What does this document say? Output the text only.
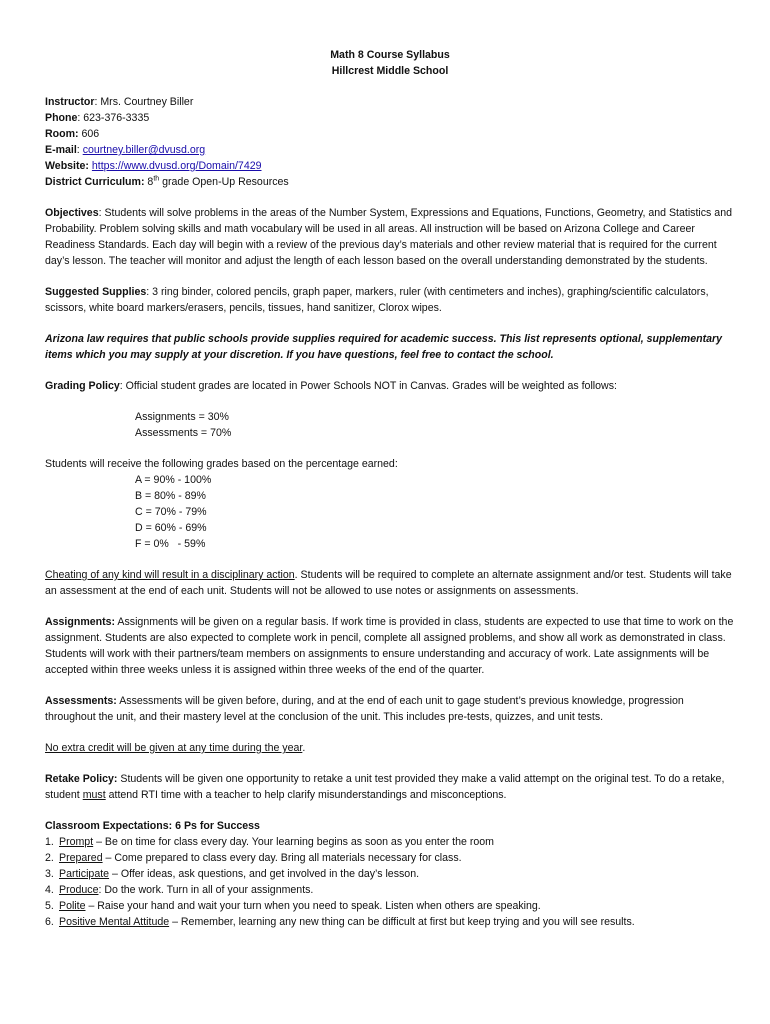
Math 8 Course Syllabus

Hillcrest Middle School

Instructor: Mrs. Courtney Biller

Phone: 623-376-3335

Room: 606

E-mail: courtney.biller@dvusd.org

Website: https://www.dvusd.org/Domain/7429

District Curriculum: 8th grade Open-Up Resources

Objectives: Students will solve problems in the areas of the Number System, Expressions and Equations, Functions, Geometry, and Statistics and Probability. Problem solving skills and math vocabulary will be used in all areas. All instruction will be based on Arizona College and Career Readiness Standards. Each day will begin with a review of the previous day’s materials and other review material that is required for the current day’s lesson. The teacher will monitor and adjust the length of each lesson based on the overall understanding demonstrated by the students.

Suggested Supplies: 3 ring binder, colored pencils, graph paper, markers, ruler (with centimeters and inches), graphing/scientific calculators, scissors, white board markers/erasers, pencils, tissues, hand sanitizer, Clorox wipes.

Arizona law requires that public schools provide supplies required for academic success. This list represents optional, supplementary items which you may supply at your discretion. If you have questions, feel free to contact the school.

Grading Policy: Official student grades are located in Power Schools NOT in Canvas. Grades will be weighted as follows:

Assignments = 30%

Assessments = 70%

Students will receive the following grades based on the percentage earned:

A = 90% - 100%

B = 80% - 89%

C = 70% - 79%

D = 60% - 69%

F = 0%   - 59%

Cheating of any kind will result in a disciplinary action. Students will be required to complete an alternate assignment and/or test. Students will take an assessment at the end of each unit. Students will not be allowed to use notes or assignments on assessments.

Assignments: Assignments will be given on a regular basis. If work time is provided in class, students are expected to use that time to work on the assignment. Students are also expected to complete work in pencil, complete all assigned problems, and show all work as demonstrated in class. Students will work with their partners/team members on assignments to ensure understanding and accuracy of work. Late assignments will be accepted within three weeks unless it is assigned within three weeks of the end of the quarter.

Assessments: Assessments will be given before, during, and at the end of each unit to gage student’s previous knowledge, progression throughout the unit, and their mastery level at the conclusion of the unit. This includes pre-tests, quizzes, and unit tests.

No extra credit will be given at any time during the year.

Retake Policy: Students will be given one opportunity to retake a unit test provided they make a valid attempt on the original test. To do a retake, student must attend RTI time with a teacher to help clarify misunderstandings and misconceptions.

Classroom Expectations: 6 Ps for Success

1. Prompt – Be on time for class every day. Your learning begins as soon as you enter the room
2. Prepared – Come prepared to class every day. Bring all materials necessary for class.
3. Participate – Offer ideas, ask questions, and get involved in the day’s lesson.
4. Produce: Do the work. Turn in all of your assignments.
5. Polite – Raise your hand and wait your turn when you need to speak. Listen when others are speaking.
6. Positive Mental Attitude – Remember, learning any new thing can be difficult at first but keep trying and you will see results.
